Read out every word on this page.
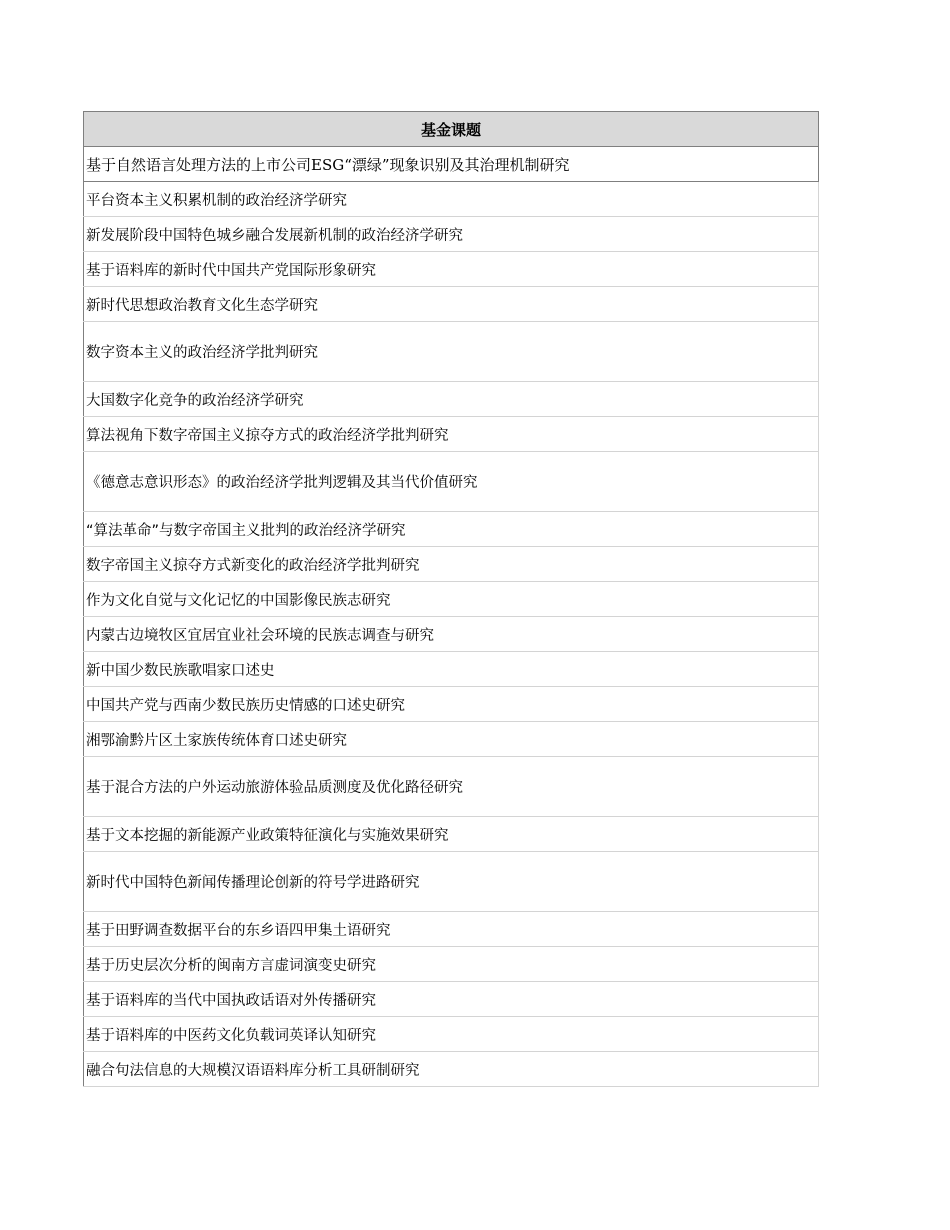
基金课题
基于自然语言处理方法的上市公司ESG“漂绿”现象识别及其治理机制研究
平台资本主义积累机制的政治经济学研究
新发展阶段中国特色城乡融合发展新机制的政治经济学研究
基于语料库的新时代中国共产党国际形象研究
新时代思想政治教育文化生态学研究
数字资本主义的政治经济学批判研究
大国数字化竞争的政治经济学研究
算法视角下数字帝国主义掠夺方式的政治经济学批判研究
《德意志意识形态》的政治经济学批判逻辑及其当代价值研究
“算法革命”与数字帝国主义批判的政治经济学研究
数字帝国主义掠夺方式新变化的政治经济学批判研究
作为文化自觉与文化记忆的中国影像民族志研究
内蒙古边境牧区宜居宜业社会环境的民族志调查与研究
新中国少数民族歌唱家口述史
中国共产党与西南少数民族历史情感的口述史研究
湘鄂渝黔片区土家族传统体育口述史研究
基于混合方法的户外运动旅游体验品质测度及优化路径研究
基于文本挖掘的新能源产业政策特征演化与实施效果研究
新时代中国特色新闻传播理论创新的符号学进路研究
基于田野调查数据平台的东乡语四甲集土语研究
基于历史层次分析的闽南方言虚词演变史研究
基于语料库的当代中国执政话语对外传播研究
基于语料库的中医药文化负载词英译认知研究
融合句法信息的大规模汉语语料库分析工具研制研究
